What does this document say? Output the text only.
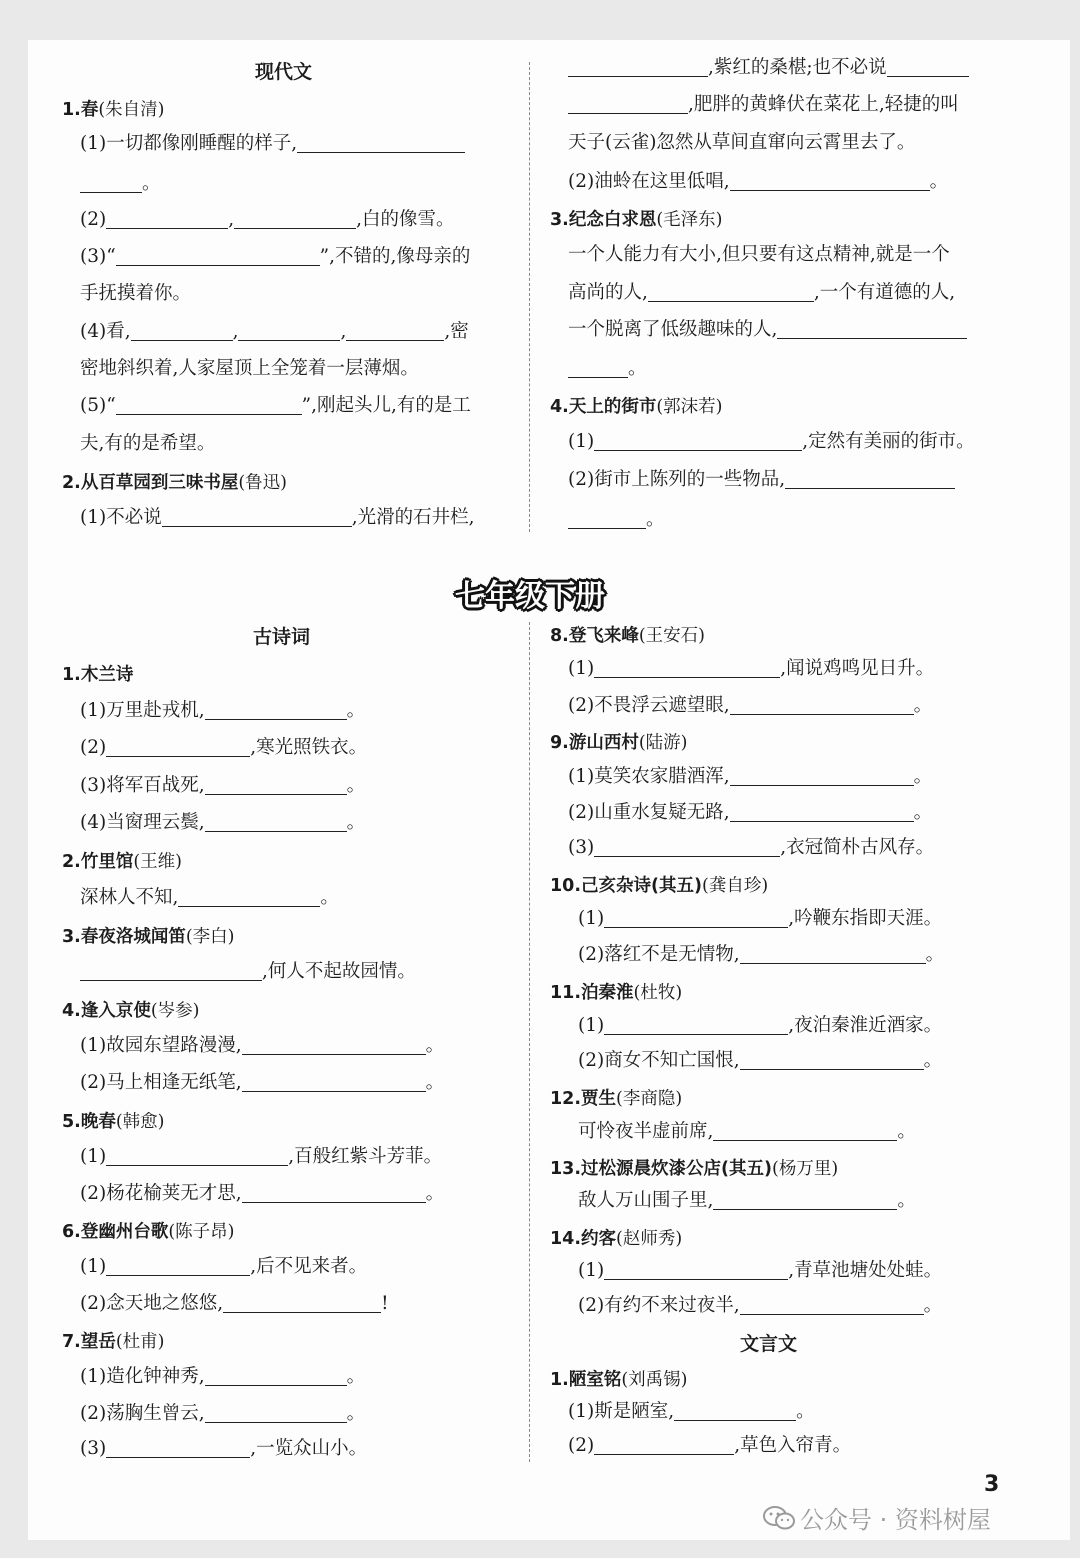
现代文
1.春(朱自清)
(1)一切都像刚睡醒的样子,
。
(2)	,	,白的像雪。
(3)“	”,不错的,像母亲的
手抚摸着你。
(4)看,	,	,	,密
密地斜织着,人家屋顶上全笼着一层薄烟。
(5)“	”,刚起头儿,有的是工
夫,有的是希望。
2.从百草园到三味书屋(鲁迅)
(1)不必说	,光滑的石井栏,
,紫红的桑椹;也不必说
,肥胖的黄蜂伏在菜花上,轻捷的叫
天子(云雀)忽然从草间直窜向云霄里去了。
(2)油蛉在这里低唱,	。
3.纪念白求恩(毛泽东)
一个人能力有大小,但只要有这点精神,就是一个
高尚的人,	,一个有道德的人,
一个脱离了低级趣味的人,
。
4.天上的街市(郭沫若)
(1)	,定然有美丽的街市。
(2)街市上陈列的一些物品,
。
七年级下册
古诗词
1.木兰诗
(1)万里赴戎机,	。
(2)	,寒光照铁衣。
(3)将军百战死,	。
(4)当窗理云鬓,	。
2.竹里馆(王维)
深林人不知,	。
3.春夜洛城闻笛(李白)
,何人不起故园情。
4.逢入京使(岑参)
(1)故园东望路漫漫,	。
(2)马上相逢无纸笔,	。
5.晚春(韩愈)
(1)	,百般红紫斗芳菲。
(2)杨花榆荚无才思,	。
6.登幽州台歌(陈子昂)
(1)	,后不见来者。
(2)念天地之悠悠,	!
7.望岳(杜甫)
(1)造化钟神秀,	。
(2)荡胸生曾云,	。
(3)	,一览众山小。
8.登飞来峰(王安石)
(1)	,闻说鸡鸣见日升。
(2)不畏浮云遮望眼,	。
9.游山西村(陆游)
(1)莫笑农家腊酒浑,	。
(2)山重水复疑无路,	。
(3)	,衣冠简朴古风存。
10.己亥杂诗(其五)(龚自珍)
(1)	,吟鞭东指即天涯。
(2)落红不是无情物,	。
11.泊秦淮(杜牧)
(1)	,夜泊秦淮近酒家。
(2)商女不知亡国恨,	。
12.贾生(李商隐)
可怜夜半虚前席,	。
13.过松源晨炊漆公店(其五)(杨万里)
敌人万山围子里,	。
14.约客(赵师秀)
(1)	,青草池塘处处蛙。
(2)有约不来过夜半,	。
文言文
1.陋室铭(刘禹锡)
(1)斯是陋室,	。
(2)	,草色入帘青。
3
公众号 · 资料树屋
